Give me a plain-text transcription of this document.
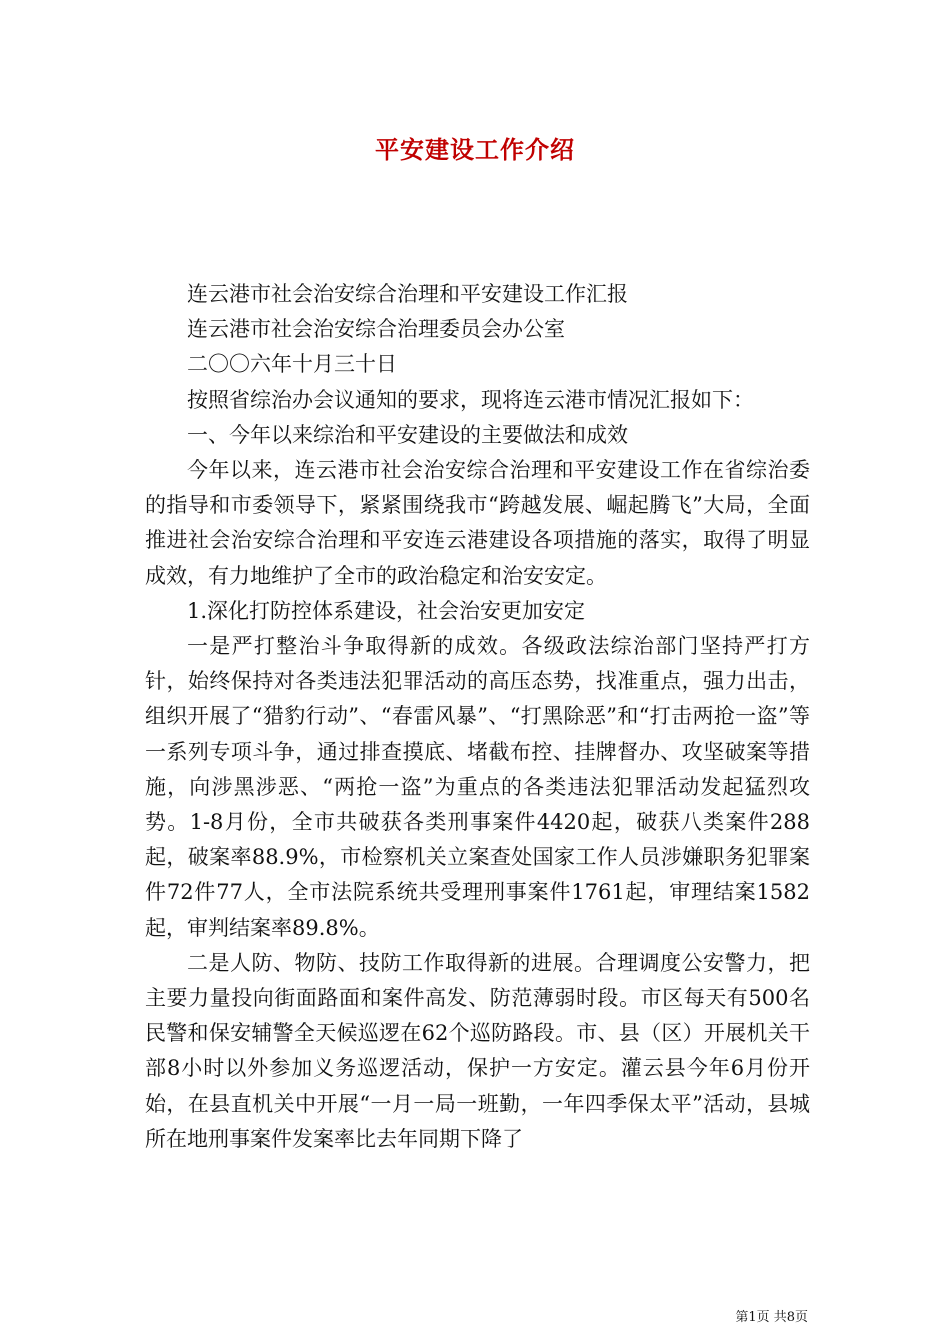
平安建设工作介绍

连云港市社会治安综合治理和平安建设工作汇报

连云港市社会治安综合治理委员会办公室

二〇〇六年十月三十日

按照省综治办会议通知的要求，现将连云港市情况汇报如下：

一、今年以来综治和平安建设的主要做法和成效

今年以来，连云港市社会治安综合治理和平安建设工作在省综治委的指导和市委领导下，紧紧围绕我市“跨越发展、崛起腾飞”大局，全面推进社会治安综合治理和平安连云港建设各项措施的落实，取得了明显成效，有力地维护了全市的政治稳定和治安安定。

1.深化打防控体系建设，社会治安更加安定

一是严打整治斗争取得新的成效。各级政法综治部门坚持严打方针，始终保持对各类违法犯罪活动的高压态势，找准重点，强力出击，组织开展了“猎豹行动”、“春雷风暴”、“打黑除恶”和“打击两抢一盗”等一系列专项斗争，通过排查摸底、堵截布控、挂牌督办、攻坚破案等措施，向涉黑涉恶、“两抢一盗”为重点的各类违法犯罪活动发起猛烈攻势。1-8月份，全市共破获各类刑事案件4420起，破获八类案件288起，破案率88.9%，市检察机关立案查处国家工作人员涉嫌职务犯罪案件72件77人，全市法院系统共受理刑事案件1761起，审理结案1582起，审判结案率89.8%。

二是人防、物防、技防工作取得新的进展。合理调度公安警力，把主要力量投向街面路面和案件高发、防范薄弱时段。市区每天有500名民警和保安辅警全天候巡逻在62个巡防路段。市、县（区）开展机关干部8小时以外参加义务巡逻活动，保护一方安定。灌云县今年6月份开始，在县直机关中开展“一月一局一班勤，一年四季保太平”活动，县城所在地刑事案件发案率比去年同期下降了

第1页 共8页
